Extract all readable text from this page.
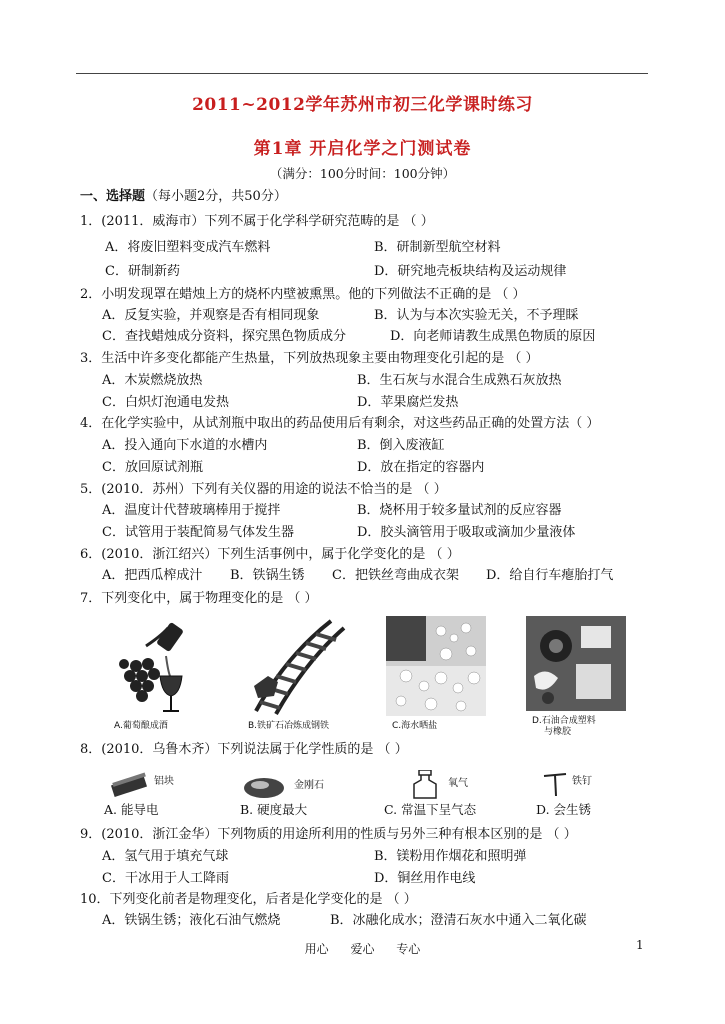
2011~2012学年苏州市初三化学课时练习
第1章 开启化学之门测试卷
（满分：100分时间：100分钟）
一、选择题（每小题2分，共50分）
1．(2011．威海市）下列不属于化学科学研究范畴的是 （ ）
A．将废旧塑料变成汽车燃料	B．研制新型航空材料
C．研制新药	D．研究地壳板块结构及运动规律
2．小明发现罩在蜡烛上方的烧杯内壁被熏黑。他的下列做法不正确的是 （ ）
A．反复实验，并观察是否有相同现象	B．认为与本次实验无关，不予理睬
C．查找蜡烛成分资料，探究黑色物质成分	D．向老师请教生成黑色物质的原因
3．生活中许多变化都能产生热量，下列放热现象主要由物理变化引起的是 （ ）
A．木炭燃烧放热	B．生石灰与水混合生成熟石灰放热
C．白炽灯泡通电发热	D．苹果腐烂发热
4．在化学实验中，从试剂瓶中取出的药品使用后有剩余，对这些药品正确的处置方法（ ）
A．投入通向下水道的水槽内	B．倒入废液缸
C．放回原试剂瓶	D．放在指定的容器内
5．(2010．苏州）下列有关仪器的用途的说法不恰当的是 （ ）
A．温度计代替玻璃棒用于搅拌	B．烧杯用于较多量试剂的反应容器
C．试管用于装配简易气体发生器	D．胶头滴管用于吸取或滴加少量液体
6．(2010．浙江绍兴）下列生活事例中，属于化学变化的是 （ ）
A．把西瓜榨成汁 B．铁锅生锈 C．把铁丝弯曲成衣架 D．给自行车瘪胎打气
7．下列变化中，属于物理变化的是 （ ）
A.葡萄酿成酒	B.铁矿石冶炼成钢铁	C.海水晒盐	D.石油合成塑料
与橡胶
8．(2010．乌鲁木齐）下列说法属于化学性质的是 （ ）
铝块
A. 能导电
金刚石
B. 硬度最大
氧气
C. 常温下呈气态
铁钉
D. 会生锈
9．(2010．浙江金华）下列物质的用途所利用的性质与另外三种有根本区别的是 （ ）
A．氢气用于填充气球	B．镁粉用作烟花和照明弹
C．干冰用于人工降雨	D．铜丝用作电线
10．下列变化前者是物理变化，后者是化学变化的是 （ ）
A．铁锅生锈；液化石油气燃烧	B．冰融化成水；澄清石灰水中通入二氧化碳
用心 爱心 专心	1
